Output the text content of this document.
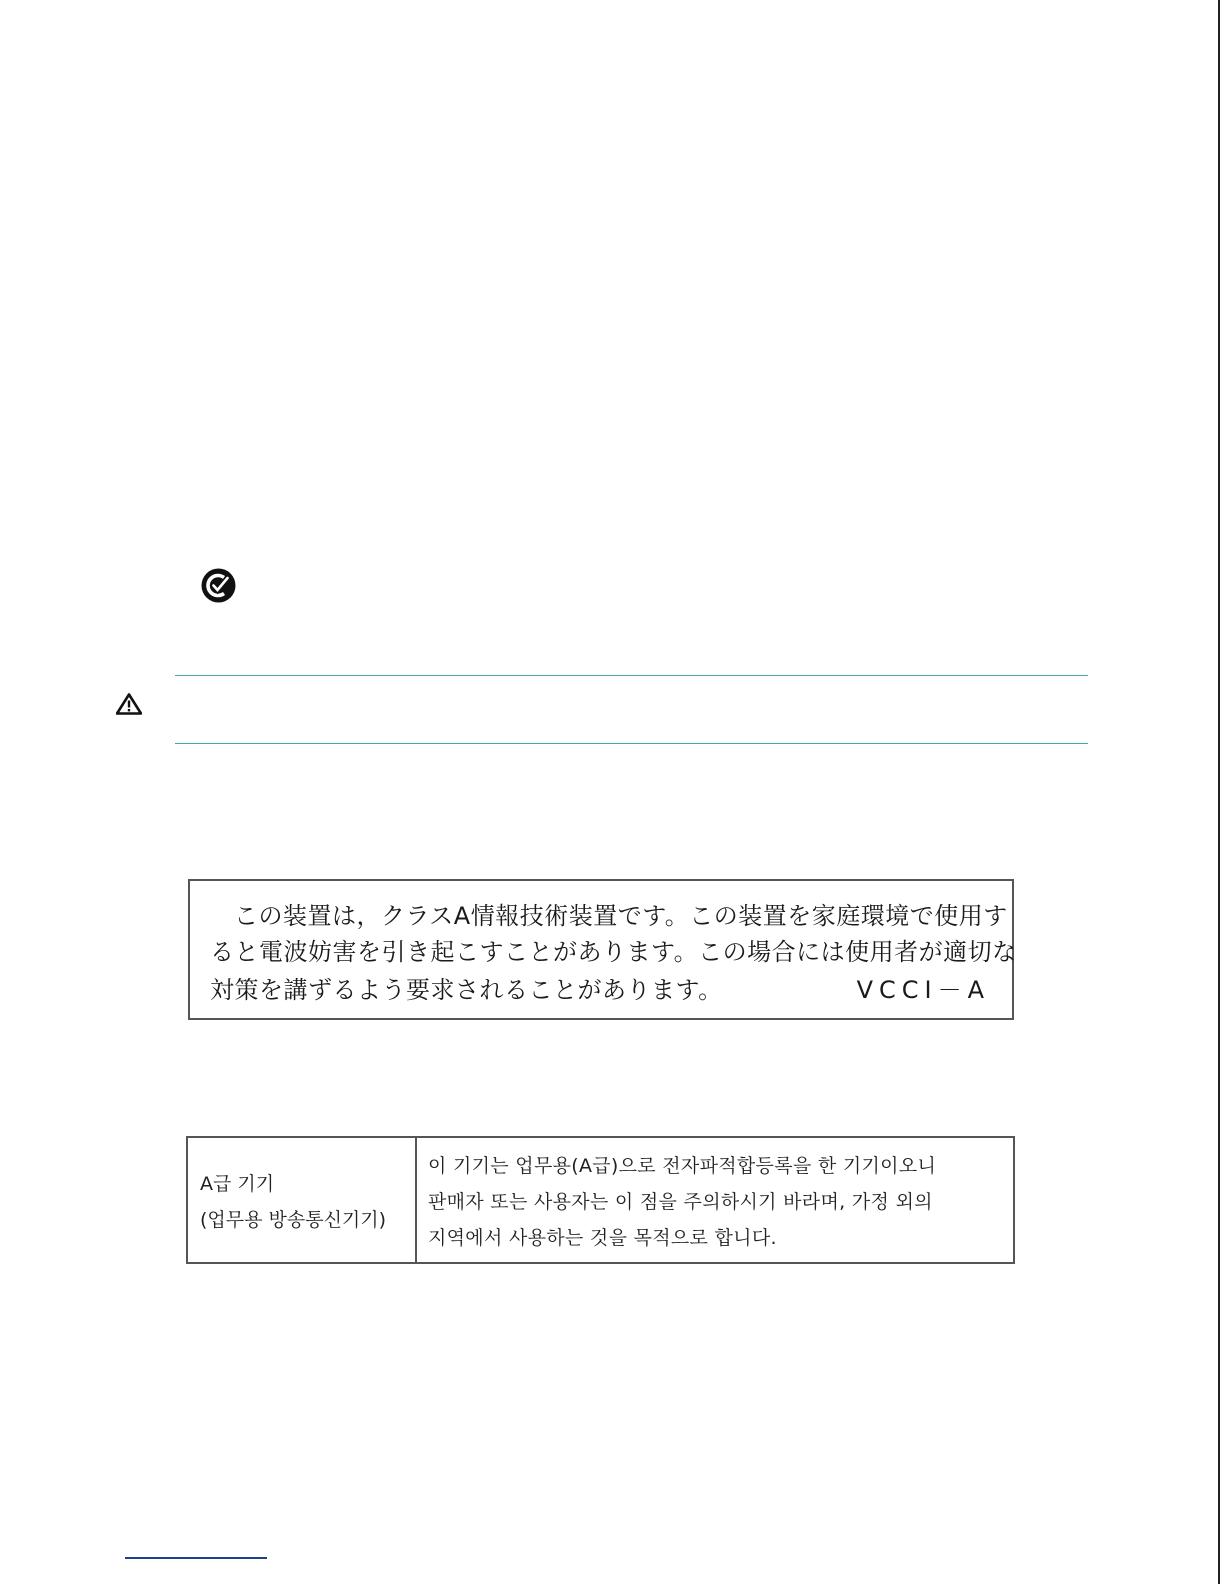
この装置は，クラスA情報技術装置です。この装置を家庭環境で使用す
ると電波妨害を引き起こすことがあります。この場合には使用者が適切な
対策を講ずるよう要求されることがあります。	VCCI－A
A급 기기
(업무용 방송통신기기)
이 기기는 업무용(A급)으로 전자파적합등록을 한 기기이오니
판매자 또는 사용자는 이 점을 주의하시기 바라며, 가정 외의
지역에서 사용하는 것을 목적으로 합니다.
